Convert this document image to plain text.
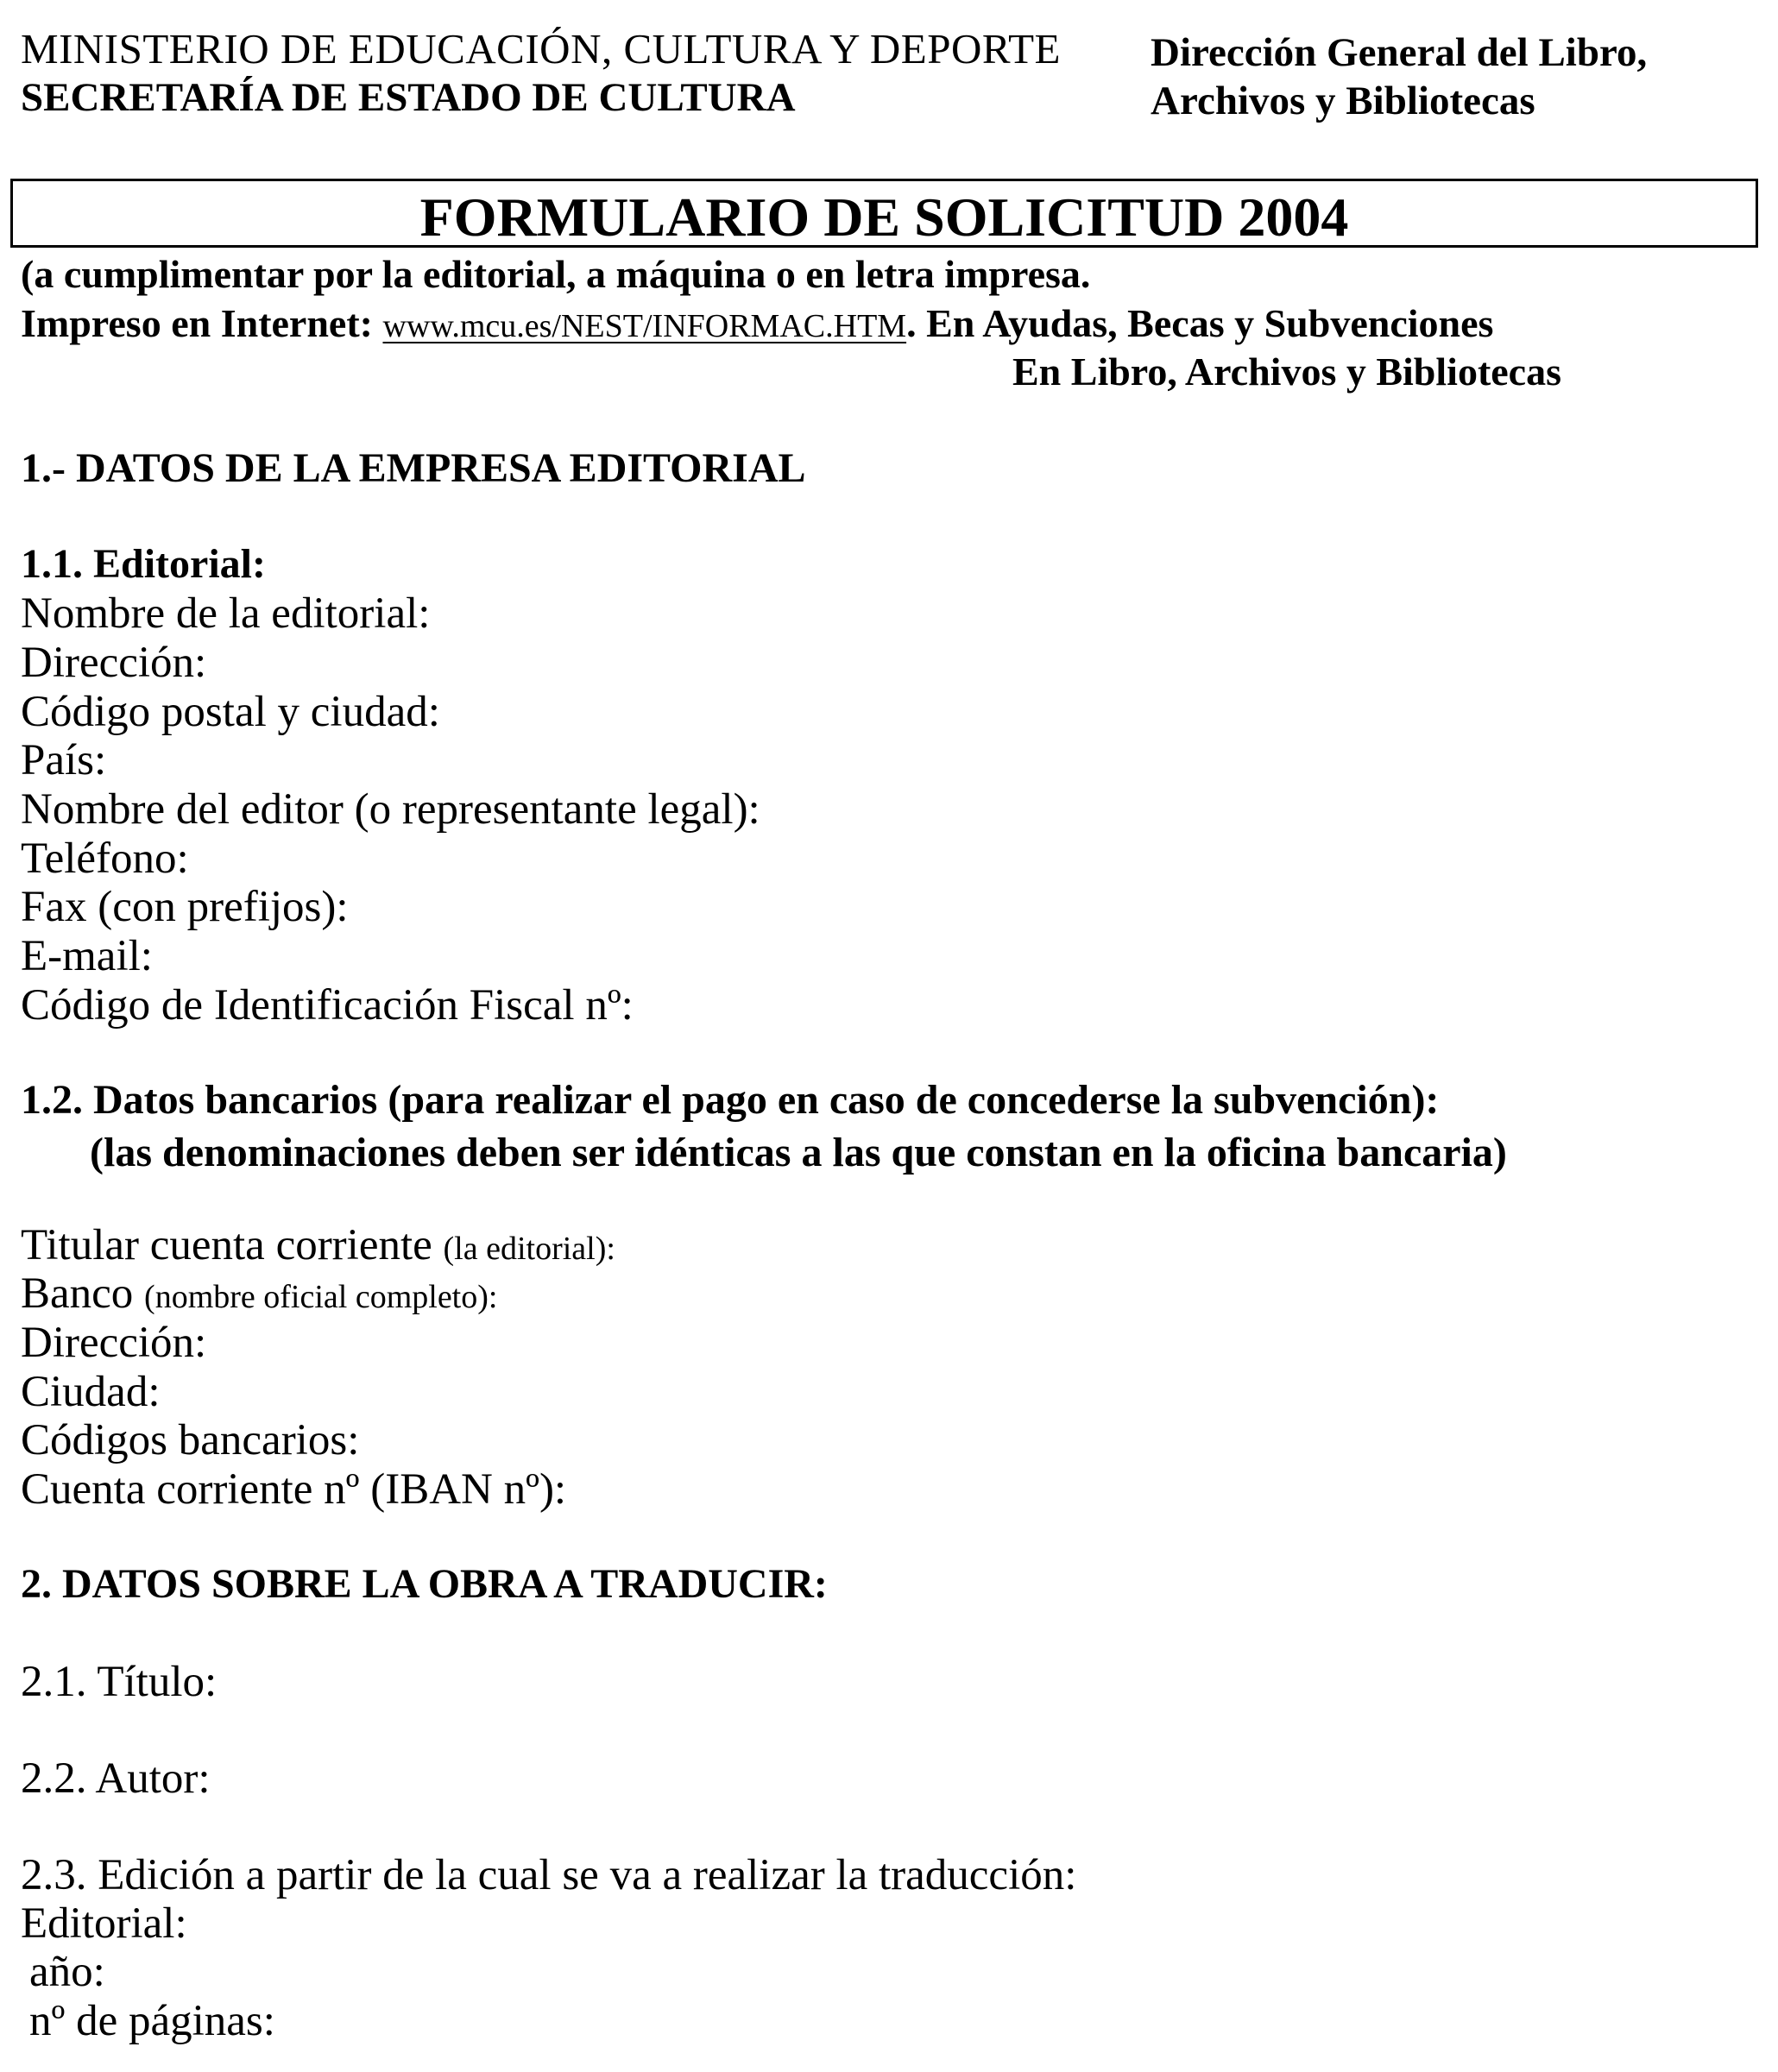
MINISTERIO DE EDUCACIÓN, CULTURA Y DEPORTE
SECRETARÍA DE ESTADO DE CULTURA
Dirección General del Libro,
Archivos y Bibliotecas
FORMULARIO DE SOLICITUD 2004
(a cumplimentar por la editorial, a máquina o en letra impresa.
Impreso en Internet: www.mcu.es/NEST/INFORMAC.HTM. En Ayudas, Becas y Subvenciones
En Libro, Archivos y Bibliotecas
1.- DATOS DE LA EMPRESA EDITORIAL
1.1. Editorial:
Nombre de la editorial:
Dirección:
Código postal y ciudad:
País:
Nombre del editor (o representante legal):
Teléfono:
Fax (con prefijos):
E-mail:
Código de Identificación Fiscal nº:
1.2. Datos bancarios (para realizar el pago en caso de concederse la subvención):
(las denominaciones deben ser idénticas a las que constan en la oficina bancaria)
Titular cuenta corriente (la editorial):
Banco (nombre oficial completo):
Dirección:
Ciudad:
Códigos bancarios:
Cuenta corriente nº (IBAN nº):
2. DATOS SOBRE LA OBRA A TRADUCIR:
2.1. Título:
2.2. Autor:
2.3. Edición a partir de la cual se va a realizar la traducción:
Editorial:
año:
nº de páginas:
